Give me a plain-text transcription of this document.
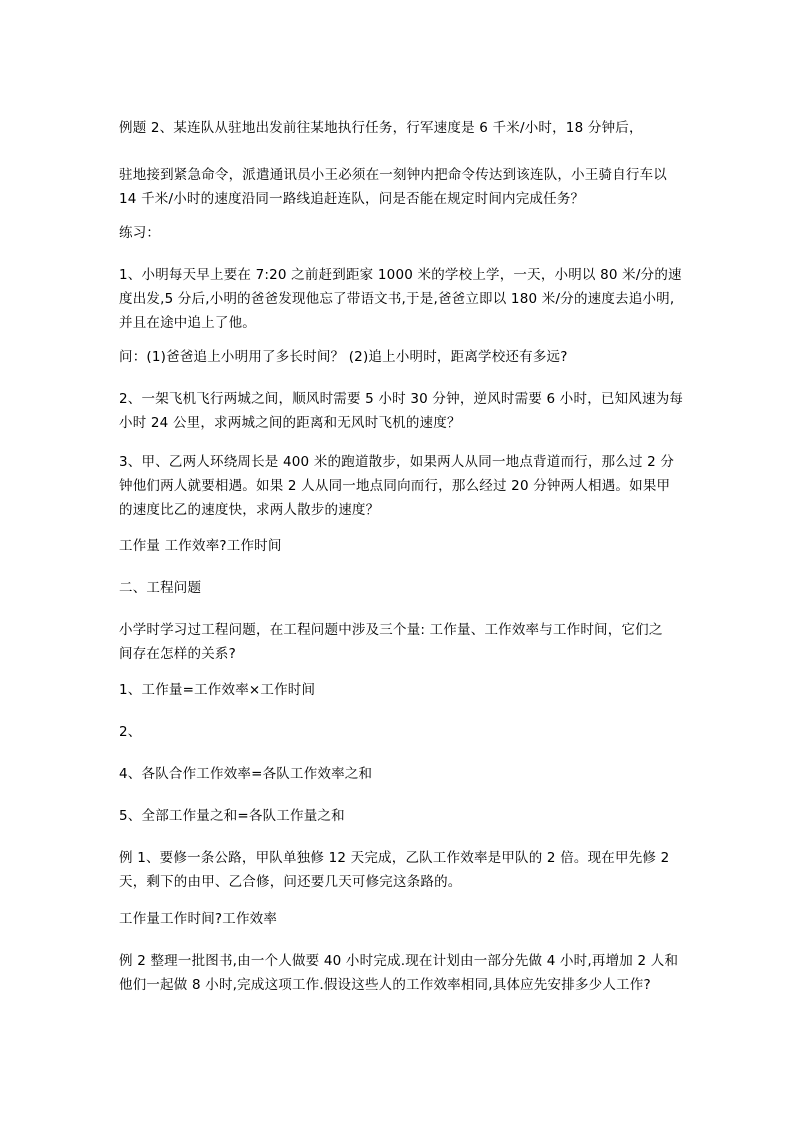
例题 2、某连队从驻地出发前往某地执行任务，行军速度是 6 千米/小时，18 分钟后，

驻地接到紧急命令，派遣通讯员小王必须在一刻钟内把命令传达到该连队，小王骑自行车以
14 千米/小时的速度沿同一路线追赶连队，问是否能在规定时间内完成任务？

练习：

1、小明每天早上要在 7:20 之前赶到距家 1000 米的学校上学，一天，小明以 80 米/分的速
度出发,5 分后,小明的爸爸发现他忘了带语文书,于是,爸爸立即以 180 米/分的速度去追小明,
并且在途中追上了他。

问：(1)爸爸追上小明用了多长时间？ (2)追上小明时，距离学校还有多远?

2、一架飞机飞行两城之间，顺风时需要 5 小时 30 分钟，逆风时需要 6 小时，已知风速为每
小时 24 公里，求两城之间的距离和无风时飞机的速度？

3、甲、乙两人环绕周长是 400 米的跑道散步，如果两人从同一地点背道而行，那么过 2 分
钟他们两人就要相遇。如果 2 人从同一地点同向而行，那么经过 20 分钟两人相遇。如果甲
的速度比乙的速度快，求两人散步的速度？

工作量 工作效率?工作时间

二、工程问题

小学时学习过工程问题，在工程问题中涉及三个量: 工作量、工作效率与工作时间，它们之
间存在怎样的关系?

1、工作量=工作效率×工作时间

2、

4、各队合作工作效率=各队工作效率之和

5、全部工作量之和=各队工作量之和

例 1、要修一条公路，甲队单独修 12 天完成，乙队工作效率是甲队的 2 倍。现在甲先修 2
天，剩下的由甲、乙合修，问还要几天可修完这条路的。

工作量工作时间?工作效率

例 2 整理一批图书,由一个人做要 40 小时完成.现在计划由一部分先做 4 小时,再增加 2 人和
他们一起做 8 小时,完成这项工作.假设这些人的工作效率相同,具体应先安排多少人工作?
